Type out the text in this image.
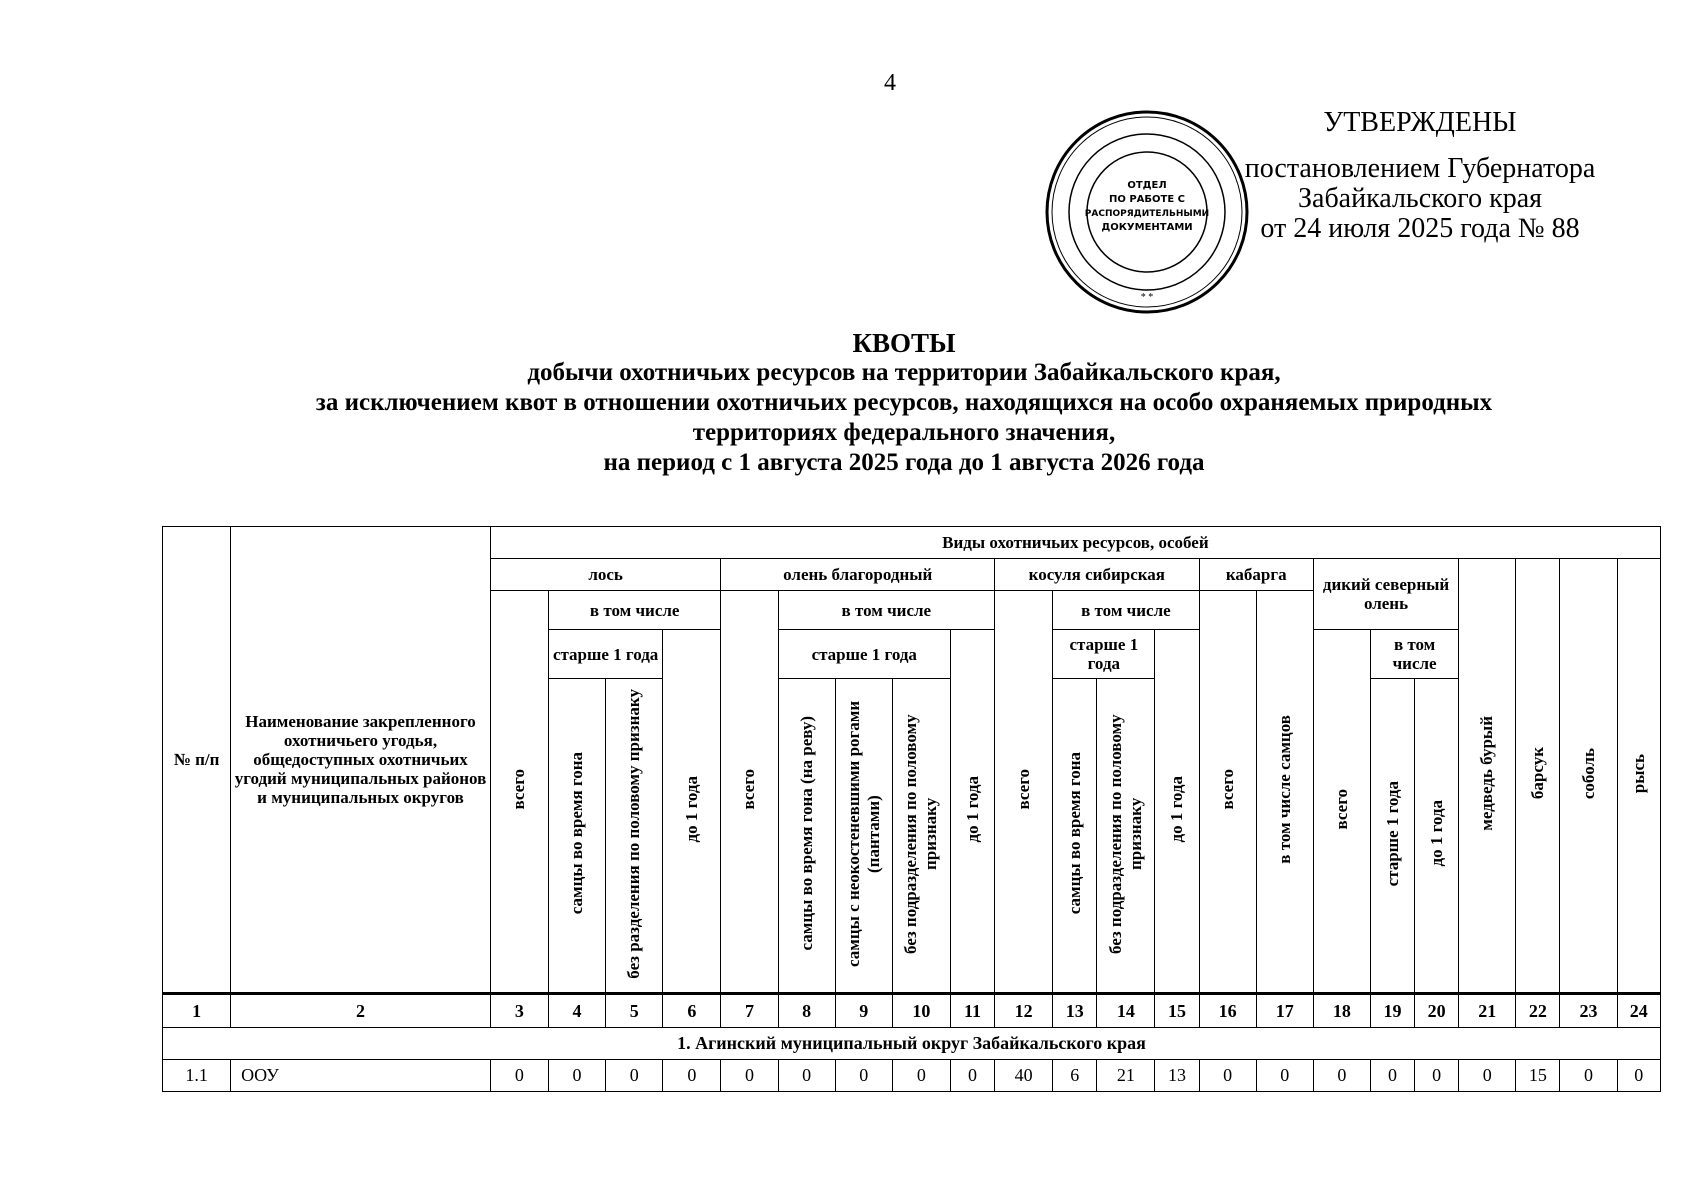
4
ОТДЕЛ
ПО РАБОТЕ С
РАСПОРЯДИТЕЛЬНЫМИ
ДОКУМЕНТАМИ
* *
УТВЕРЖДЕНЫ
постановлением Губернатора
Забайкальского края
от 24 июля 2025 года № 88
КВОТЫ
добычи охотничьих ресурсов на территории Забайкальского края,
за исключением квот в отношении охотничьих ресурсов, находящихся на особо охраняемых природных
территориях федерального значения,
на период с 1 августа 2025 года до 1 августа 2026 года
№ п/п	Наименование закрепленного охотничьего угодья, общедоступных охотничьих угодий муниципальных районов и муниципальных округов	Виды охотничьих ресурсов, особей																					
		лось				олень благородный					косуля сибирская				кабарга		дикий северный олень			медведь бурый	барсук	соболь	рысь
		всего	в том числе			всего	в том числе				всего	в том числе			всего	в том числе самцов							
			старше 1 года		до 1 года		старше 1 года			до 1 года		старше 1 года		до 1 года			всего	в том числе					
			самцы во время гона	без разделения по половому признаку			самцы во время гона (на реву)	самцы с неокостеневшими рогами (пантами)	без подразделения по половому признаку			самцы во время гона	без подразделения по половому признаку					старше 1 года	до 1 года				
1	2	3	4	5	6	7	8	9	10	11	12	13	14	15	16	17	18	19	20	21	22	23	24
1. Агинский муниципальный округ Забайкальского края																							
1.1	ООУ	0	0	0	0	0	0	0	0	0	40	6	21	13	0	0	0	0	0	0	15	0	0
